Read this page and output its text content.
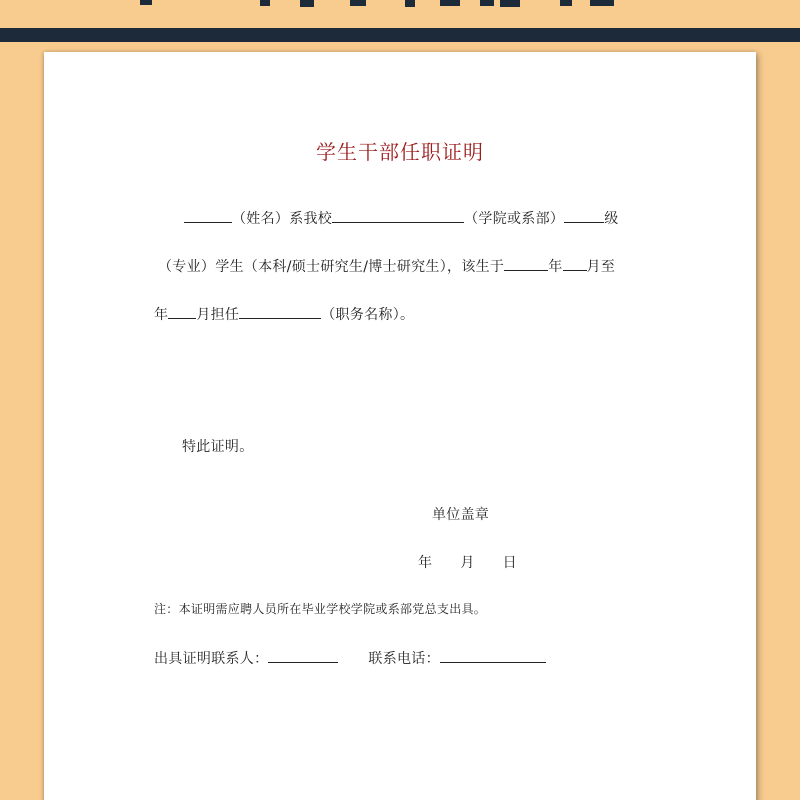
学生干部任职证明
（姓名）系我校	（学院或系部）	级
（专业）学生（本科/硕士研究生/博士研究生），该生于	年 月至
年 月担任	（职务名称）。
特此证明。
单位盖章
年 月 日
注：本证明需应聘人员所在毕业学校学院或系部党总支出具。
出具证明联系人：	联系电话：
